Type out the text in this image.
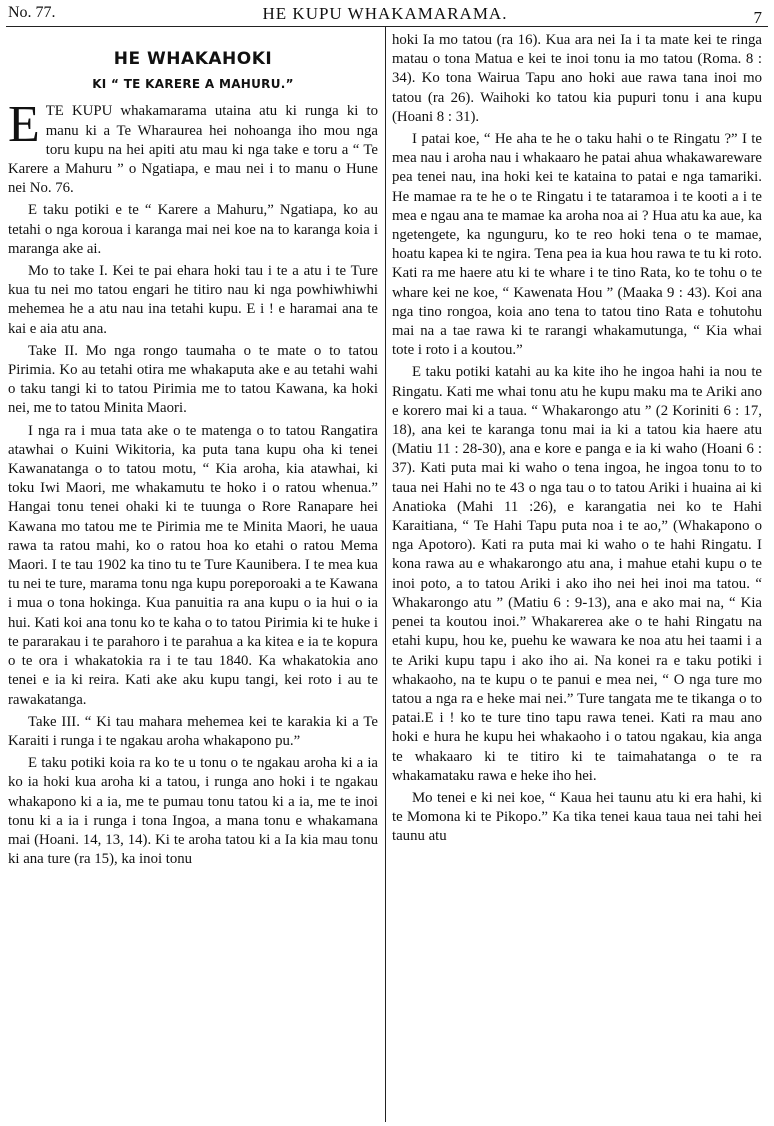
No. 77.	HE KUPU WHAKAMARAMA.	7
HE WHAKAHOKI
KI “ TE KARERE A MAHURU.”

ETE KUPU whakamarama utaina atu ki runga ki to manu ki a Te Wharaurea hei nohoanga iho mou nga toru kupu na hei apiti atu mau ki nga take e toru a “ Te Karere a Mahuru ” o Ngatiapa, e mau nei i to manu o Hune nei No. 76.

E taku potiki e te “ Karere a Mahuru,” Ngatiapa, ko au tetahi o nga koroua i karanga mai nei koe na to karanga koia i maranga ake ai.

Mo to take I. Kei te pai ehara hoki tau i te a atu i te Ture kua tu nei mo tatou engari he titiro nau ki nga powhiwhiwhi mehemea he a atu nau ina tetahi kupu. E i ! e haramai ana te kai e aia atu ana.

Take II. Mo nga rongo taumaha o te mate o to tatou Pirimia. Ko au tetahi otira me whakaputa ake e au tetahi wahi o taku tangi ki to tatou Pirimia me to tatou Kawana, ka hoki nei, me to tatou Minita Maori.

I nga ra i mua tata ake o te matenga o to tatou Rangatira atawhai o Kuini Wikitoria, ka puta tana kupu oha ki tenei Kawanatanga o to tatou motu, “ Kia aroha, kia atawhai, ki toku Iwi Maori, me whakamutu te hoko i o ratou whenua.” Hangai tonu tenei ohaki ki te tuunga o Rore Ranapare hei Kawana mo tatou me te Pirimia me te Minita Maori, he uaua rawa ta ratou mahi, ko o ratou hoa ko etahi o ratou Mema Maori. I te tau 1902 ka tino tu te Ture Kaunibera. I te mea kua tu nei te ture, marama tonu nga kupu poreporoaki a te Kawana i mua o tona hokinga. Kua panuitia ra ana kupu o ia hui o ia hui. Kati koi ana tonu ko te kaha o to tatou Pirimia ki te huke i te pararakau i te parahoro i te parahua a ka kitea e ia te kopura o te ora i whakatokia ra i te tau 1840. Ka whakatokia ano tenei e ia ki reira. Kati ake aku kupu tangi, kei roto i au te rawakatanga.

Take III. “ Ki tau mahara mehemea kei te karakia ki a Te Karaiti i runga i te ngakau aroha whakapono pu.”

E taku potiki koia ra ko te u tonu o te ngakau aroha ki a ia ko ia hoki kua aroha ki a tatou, i runga ano hoki i te ngakau whakapono ki a ia, me te pumau tonu tatou ki a ia, me te inoi tonu ki a ia i runga i tona Ingoa, a mana tonu e whakamana mai (Hoani. 14, 13, 14). Ki te aroha tatou ki a Ia kia mau tonu ki ana ture (ra 15), ka inoi tonu

hoki Ia mo tatou (ra 16). Kua ara nei Ia i ta mate kei te ringa matau o tona Matua e kei te inoi tonu ia mo tatou (Roma. 8 : 34). Ko tona Wairua Tapu ano hoki aue rawa tana inoi mo tatou (ra 26). Waihoki ko tatou kia pupuri tonu i ana kupu (Hoani 8 : 31).

I patai koe, “ He aha te he o taku hahi o te Ringatu ?” I te mea nau i aroha nau i whakaaro he patai ahua whakawareware pea tenei nau, ina hoki kei te kataina to patai e nga tamariki. He mamae ra te he o te Ringatu i te tataramoa i te kooti a i te mea e ngau ana te mamae ka aroha noa ai ? Hua atu ka aue, ka ngetengete, ka ngunguru, ko te reo hoki tena o te mamae, hoatu kapea ki te ngira. Tena pea ia kua hou rawa te tu ki roto. Kati ra me haere atu ki te whare i te tino Rata, ko te tohu o te whare kei ne koe, “ Kawenata Hou ” (Maaka 9 : 43). Koi ana nga tino rongoa, koia ano tena to tatou tino Rata e tohutohu mai na a tae rawa ki te rarangi whakamutunga, “ Kia whai tote i roto i a koutou.”

E taku potiki katahi au ka kite iho he ingoa hahi ia nou te Ringatu. Kati me whai tonu atu he kupu maku ma te Ariki ano e korero mai ki a taua. “ Whakarongo atu ” (2 Koriniti 6 : 17, 18), ana kei te karanga tonu mai ia ki a tatou kia haere atu (Matiu 11 : 28-30), ana e kore e panga e ia ki waho (Hoani 6 : 37). Kati puta mai ki waho o tena ingoa, he ingoa tonu to to taua nei Hahi no te 43 o nga tau o to tatou Ariki i huaina ai ki Anatioka (Mahi 11 :26), e karangatia nei ko te Hahi Karaitiana, “ Te Hahi Tapu puta noa i te ao,” (Whakapono o nga Apotoro). Kati ra puta mai ki waho o te hahi Ringatu. I kona rawa au e whakarongo atu ana, i mahue etahi kupu o te inoi poto, a to tatou Ariki i ako iho nei hei inoi ma tatou. “ Whakarongo atu ” (Matiu 6 : 9-13), ana e ako mai na, “ Kia penei ta koutou inoi.” Whakarerea ake o te hahi Ringatu na etahi kupu, hou ke, puehu ke wawara ke noa atu hei taami i a te Ariki kupu tapu i ako iho ai. Na konei ra e taku potiki i whakaoho, na te kupu o te panui e mea nei, “ O nga ture mo tatou a nga ra e heke mai nei.” Ture tangata me te tikanga o to patai.E i ! ko te ture tino tapu rawa tenei. Kati ra mau ano hoki e hura he kupu hei whakaoho i o tatou ngakau, kia anga te whakaaro ki te titiro ki te taimahatanga o te ra whakamataku rawa e heke iho hei.

Mo tenei e ki nei koe, “ Kaua hei taunu atu ki era hahi, ki te Momona ki te Pikopo.” Ka tika tenei kaua taua nei tahi hei taunu atu
